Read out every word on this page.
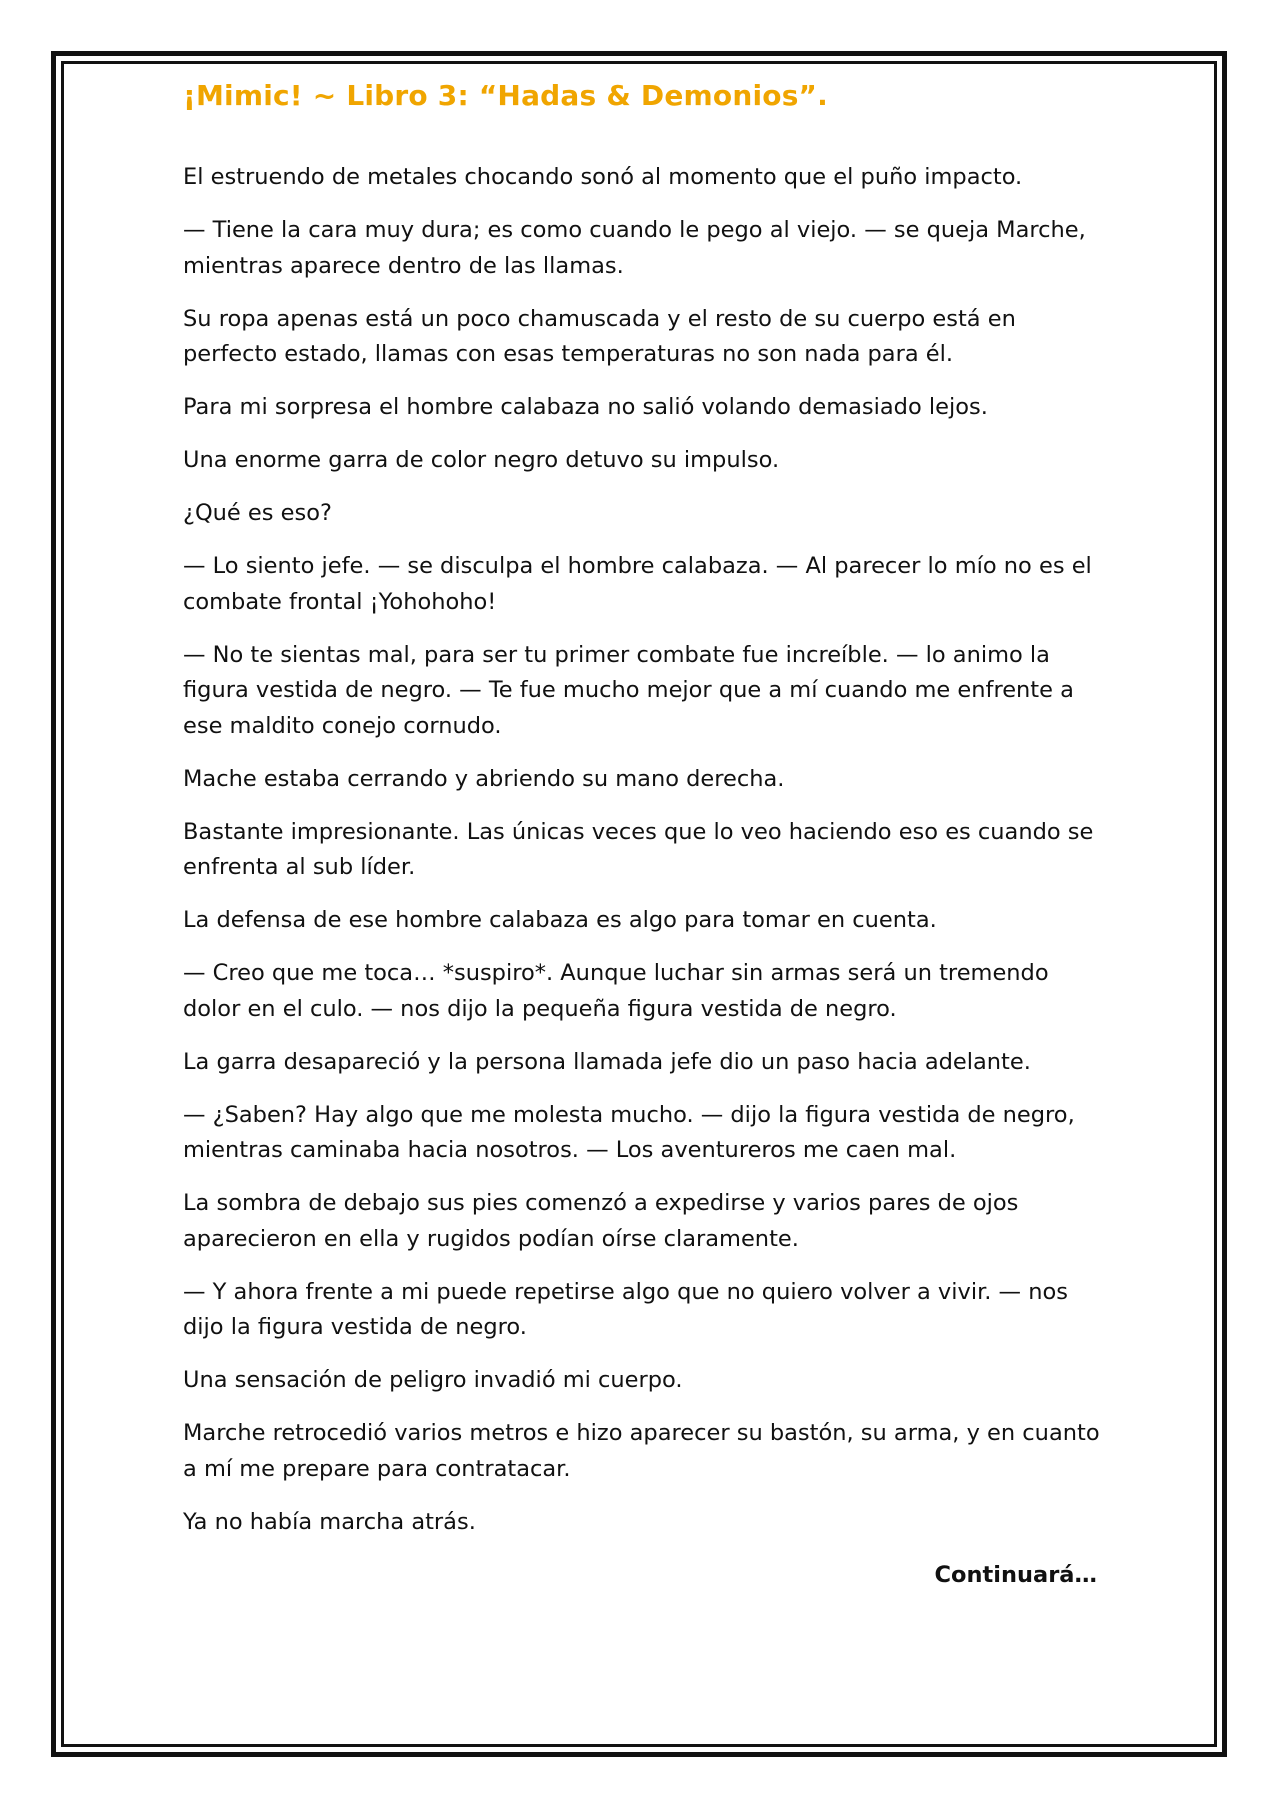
¡Mimic! ~ Libro 3: “Hadas & Demonios”.

El estruendo de metales chocando sonó al momento que el puño impacto.

— Tiene la cara muy dura; es como cuando le pego al viejo. — se queja Marche, mientras aparece dentro de las llamas.

Su ropa apenas está un poco chamuscada y el resto de su cuerpo está en perfecto estado, llamas con esas temperaturas no son nada para él.

Para mi sorpresa el hombre calabaza no salió volando demasiado lejos.

Una enorme garra de color negro detuvo su impulso.

¿Qué es eso?

— Lo siento jefe. — se disculpa el hombre calabaza. — Al parecer lo mío no es el combate frontal ¡Yohohoho!

— No te sientas mal, para ser tu primer combate fue increíble. — lo animo la figura vestida de negro. — Te fue mucho mejor que a mí cuando me enfrente a ese maldito conejo cornudo.

Mache estaba cerrando y abriendo su mano derecha.

Bastante impresionante. Las únicas veces que lo veo haciendo eso es cuando se enfrenta al sub líder.

La defensa de ese hombre calabaza es algo para tomar en cuenta.

— Creo que me toca… *suspiro*. Aunque luchar sin armas será un tremendo dolor en el culo. — nos dijo la pequeña figura vestida de negro.

La garra desapareció y la persona llamada jefe dio un paso hacia adelante.

— ¿Saben? Hay algo que me molesta mucho. — dijo la figura vestida de negro, mientras caminaba hacia nosotros. — Los aventureros me caen mal.

La sombra de debajo sus pies comenzó a expedirse y varios pares de ojos aparecieron en ella y rugidos podían oírse claramente.

— Y ahora frente a mi puede repetirse algo que no quiero volver a vivir. — nos dijo la figura vestida de negro.

Una sensación de peligro invadió mi cuerpo.

Marche retrocedió varios metros e hizo aparecer su bastón, su arma, y en cuanto a mí me prepare para contratacar.

Ya no había marcha atrás.

Continuará…
